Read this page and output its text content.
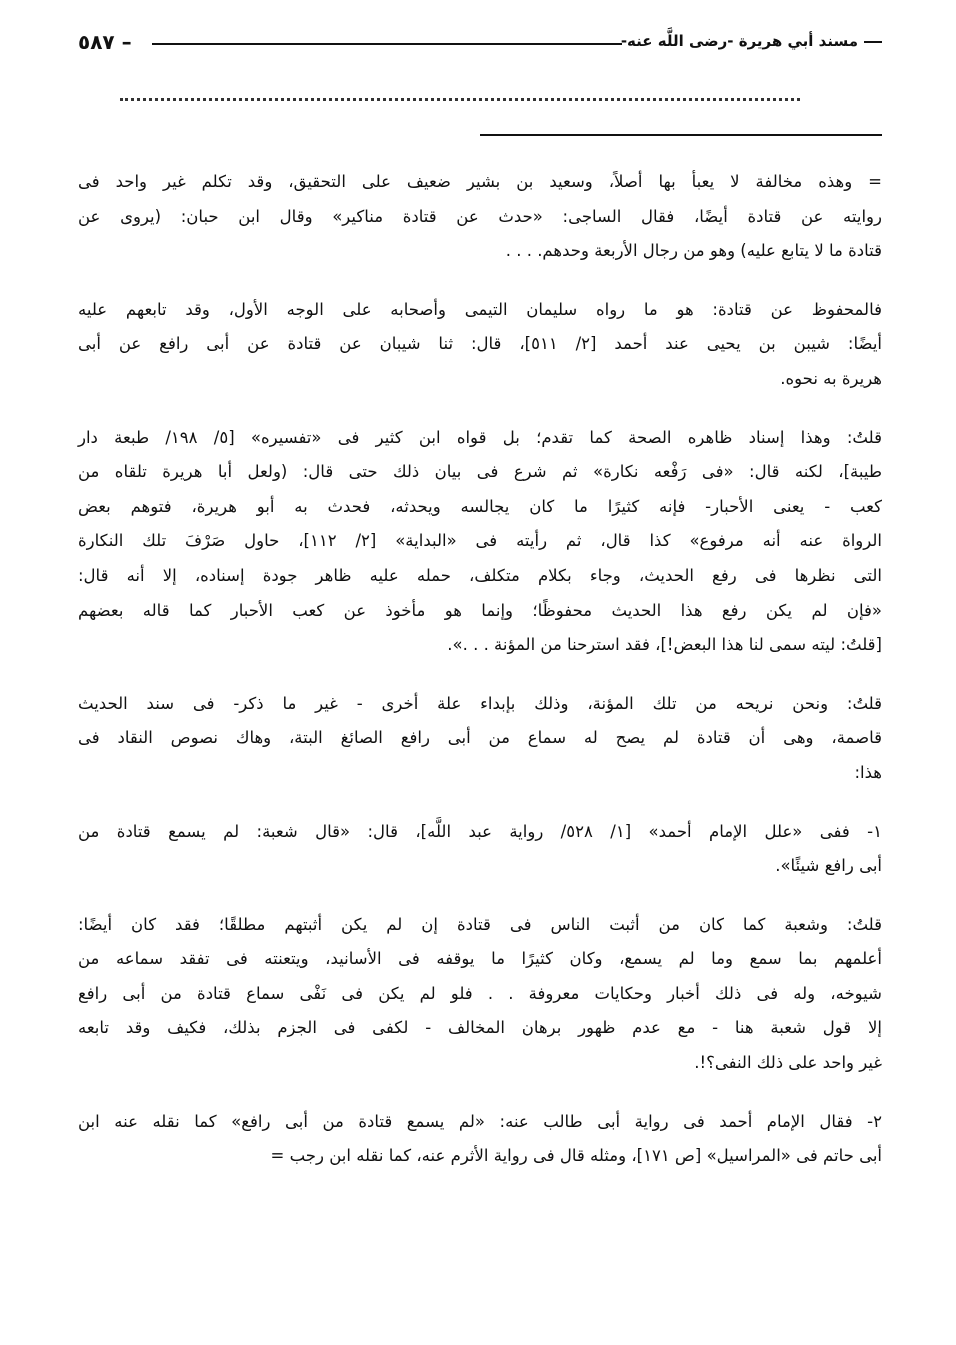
مسند أبي هريرة -رضى اللَّه عنه-
٥٨٧ –
= وهذه مخالفة لا يعبأ بها أصلاً، وسعيد بن بشير ضعيف على التحقيق، وقد تكلم غير واحد فى
روايته عن قتادة أيضًا، فقال الساجى: «حدث عن قتادة مناكير» وقال ابن حبان: (يروى عن
قتادة ما لا يتابع عليه) وهو من رجال الأربعة وحدهم. . . .
فالمحفوظ عن قتادة: هو ما رواه سليمان التيمى وأصحابه على الوجه الأول، وقد تابعهم عليه
أيضًا: شيبن بن يحيى عند أحمد [٢/ ٥١١]، قال: ثنا شيبان عن قتادة عن أبى رافع عن أبى
هريرة به نحوه.
قلتُ: وهذا إسناد ظاهره الصحة كما تقدم؛ بل قواه ابن كثير فى «تفسيره» [٥/ ١٩٨/ طبعة دار
طيبة]، لكنه قال: «فى رَفْعه نكارة» ثم شرع فى بيان ذلك حتى قال: (ولعل أبا هريرة تلقاه من
كعب - يعنى الأحبار- فإنه كثيرًا ما كان يجالسه ويحدثه، فحدث به أبو هريرة، فتوهم بعض
الرواة عنه أنه مرفوع» كذا قال، ثم رأيته فى «البداية» [٢/ ١١٢]، حاول صَرْفَ تلك النكارة
التى نظرها فى رفع الحديث، وجاء بكلام متكلف، حمله عليه ظاهر جودة إسناده، إلا أنه قال:
«فإن لم يكن رفع هذا الحديث محفوظًا؛ وإنما هو مأخوذ عن كعب الأحبار كما قاله بعضهم
[قلتُ: ليته سمى لنا هذا البعض!]، فقد استرحنا من المؤنة . . .».
قلتُ: ونحن نريحه من تلك المؤنة، وذلك بإبداء علة أخرى - غير ما ذكر- فى سند الحديث
قاصمة، وهى أن قتادة لم يصح له سماع من أبى رافع الصائغ البتة، وهاك نصوص النقاد فى
هذا:
١- ففى «علل الإمام أحمد» [١/ ٥٢٨/ رواية عبد اللَّه]، قال: «قال شعبة: لم يسمع قتادة من
أبى رافع شيئًا».
قلتُ: وشعبة كما كان من أثبت الناس فى قتادة إن لم يكن أثبتهم مطلقًا؛ فقد كان أيضًا:
أعلمهم بما سمع وما لم يسمع، وكان كثيرًا ما يوقفه فى الأسانيد، ويتعنته فى تفقد سماعه من
شيوخه، وله فى ذلك أخبار وحكايات معروفة . . فلو لم يكن فى نَفْى سماع قتادة من أبى رافع
إلا قول شعبة هنا - مع عدم ظهور برهان المخالف - لكفى فى الجزم بذلك، فكيف وقد تابعه
غير واحد على ذلك النفى؟!.
٢- فقال الإمام أحمد فى رواية أبى طالب عنه: «لم يسمع قتادة من أبى رافع» كما نقله عنه ابن
أبى حاتم فى «المراسيل» [ص ١٧١]، ومثله قال فى رواية الأثرم عنه، كما نقله ابن رجب =
